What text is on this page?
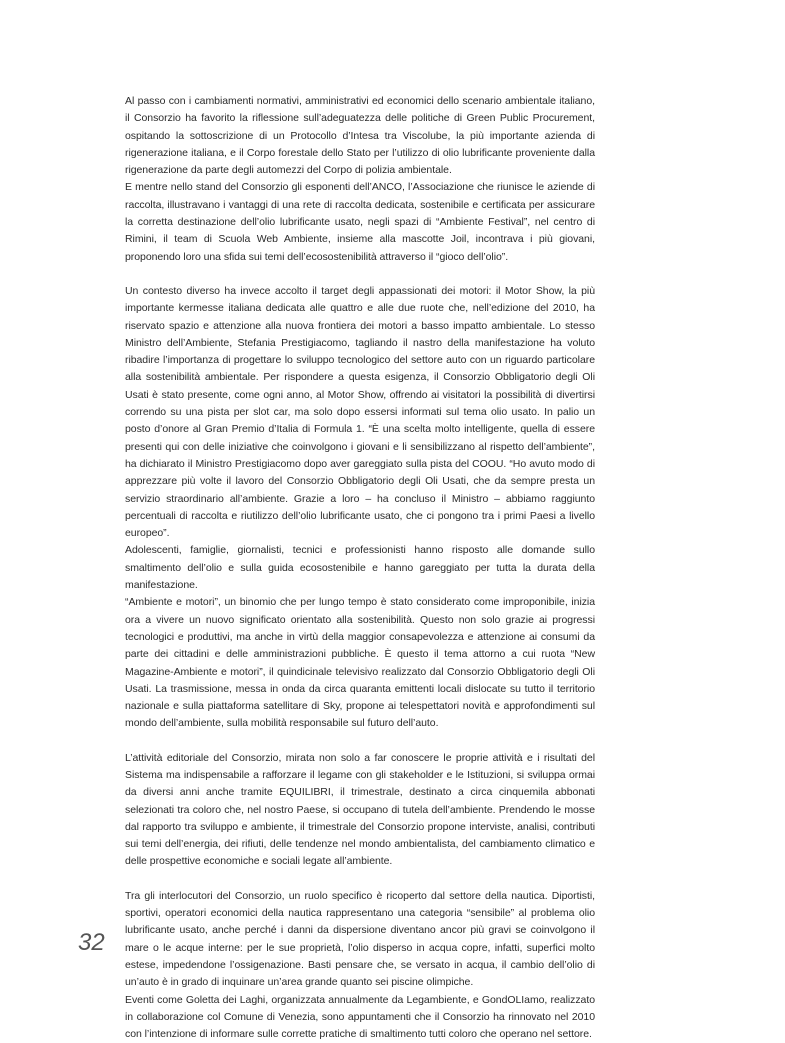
Al passo con i cambiamenti normativi, amministrativi ed economici dello scenario ambientale italiano, il Consorzio ha favorito la riflessione sull’adeguatezza delle politiche di Green Public Procurement, ospitando la sottoscrizione di un Protocollo d’Intesa tra Viscolube, la più importante azienda di rigenerazione italiana, e il Corpo forestale dello Stato per l’utilizzo di olio lubrificante proveniente dalla rigenerazione da parte degli automezzi del Corpo di polizia ambientale.

E mentre nello stand del Consorzio gli esponenti dell’ANCO, l’Associazione che riunisce le aziende di raccolta, illustravano i vantaggi di una rete di raccolta dedicata, sostenibile e certificata per assicurare la corretta destinazione dell’olio lubrificante usato, negli spazi di “Ambiente Festival”, nel centro di Rimini, il team di Scuola Web Ambiente, insieme alla mascotte Joil, incontrava i più giovani, proponendo loro una sfida sui temi dell’ecosostenibilità attraverso il “gioco dell’olio”.

Un contesto diverso ha invece accolto il target degli appassionati dei motori: il Motor Show, la più importante kermesse italiana dedicata alle quattro e alle due ruote che, nell’edizione del 2010, ha riservato spazio e attenzione alla nuova frontiera dei motori a basso impatto ambientale. Lo stesso Ministro dell’Ambiente, Stefania Prestigiacomo, tagliando il nastro della manifestazione ha voluto ribadire l’importanza di progettare lo sviluppo tecnologico del settore auto con un riguardo particolare alla sostenibilità ambientale. Per rispondere a questa esigenza, il Consorzio Obbligatorio degli Oli Usati è stato presente, come ogni anno, al Motor Show, offrendo ai visitatori la possibilità di divertirsi correndo su una pista per slot car, ma solo dopo essersi informati sul tema olio usato. In palio un posto d’onore al Gran Premio d’Italia di Formula 1. “È una scelta molto intelligente, quella di essere presenti qui con delle iniziative che coinvolgono i giovani e li sensibilizzano al rispetto dell’ambiente”, ha dichiarato il Ministro Prestigiacomo dopo aver gareggiato sulla pista del COOU. “Ho avuto modo di apprezzare più volte il lavoro del Consorzio Obbligatorio degli Oli Usati, che da sempre presta un servizio straordinario all’ambiente. Grazie a loro – ha concluso il Ministro – abbiamo raggiunto percentuali di raccolta e riutilizzo dell’olio lubrificante usato, che ci pongono tra i primi Paesi a livello europeo”.

Adolescenti, famiglie, giornalisti, tecnici e professionisti hanno risposto alle domande sullo smaltimento dell’olio e sulla guida ecosostenibile e hanno gareggiato per tutta la durata della manifestazione.

“Ambiente e motori”, un binomio che per lungo tempo è stato considerato come improponibile, inizia ora a vivere un nuovo significato orientato alla sostenibilità. Questo non solo grazie ai progressi tecnologici e produttivi, ma anche in virtù della maggior consapevolezza e attenzione ai consumi da parte dei cittadini e delle amministrazioni pubbliche. È questo il tema attorno a cui ruota “New Magazine-Ambiente e motori”, il quindicinale televisivo realizzato dal Consorzio Obbligatorio degli Oli Usati. La trasmissione, messa in onda da circa quaranta emittenti locali dislocate su tutto il territorio nazionale e sulla piattaforma satellitare di Sky, propone ai telespettatori novità e approfondimenti sul mondo dell’ambiente, sulla mobilità responsabile sul futuro dell’auto.

L’attività editoriale del Consorzio, mirata non solo a far conoscere le proprie attività e i risultati del Sistema ma indispensabile a rafforzare il legame con gli stakeholder e le Istituzioni, si sviluppa ormai da diversi anni anche tramite EQUILIBRI, il trimestrale, destinato a circa cinquemila abbonati selezionati tra coloro che, nel nostro Paese, si occupano di tutela dell’ambiente. Prendendo le mosse dal rapporto tra sviluppo e ambiente, il trimestrale del Consorzio propone interviste, analisi, contributi sui temi dell’energia, dei rifiuti, delle tendenze nel mondo ambientalista, del cambiamento climatico e delle prospettive economiche e sociali legate all’ambiente.

Tra gli interlocutori del Consorzio, un ruolo specifico è ricoperto dal settore della nautica. Diportisti, sportivi, operatori economici della nautica rappresentano una categoria “sensibile” al problema olio lubrificante usato, anche perché i danni da dispersione diventano ancor più gravi se coinvolgono il mare o le acque interne: per le sue proprietà, l’olio disperso in acqua copre, infatti, superfici molto estese, impedendone l’ossigenazione. Basti pensare che, se versato in acqua, il cambio dell’olio di un’auto è in grado di inquinare un’area grande quanto sei piscine olimpiche.

Eventi come Goletta dei Laghi, organizzata annualmente da Legambiente, e GondOLIamo, realizzato in collaborazione col Comune di Venezia, sono appuntamenti che il Consorzio ha rinnovato nel 2010 con l’intenzione di informare sulle corrette pratiche di smaltimento tutti coloro che operano nel settore.

32
